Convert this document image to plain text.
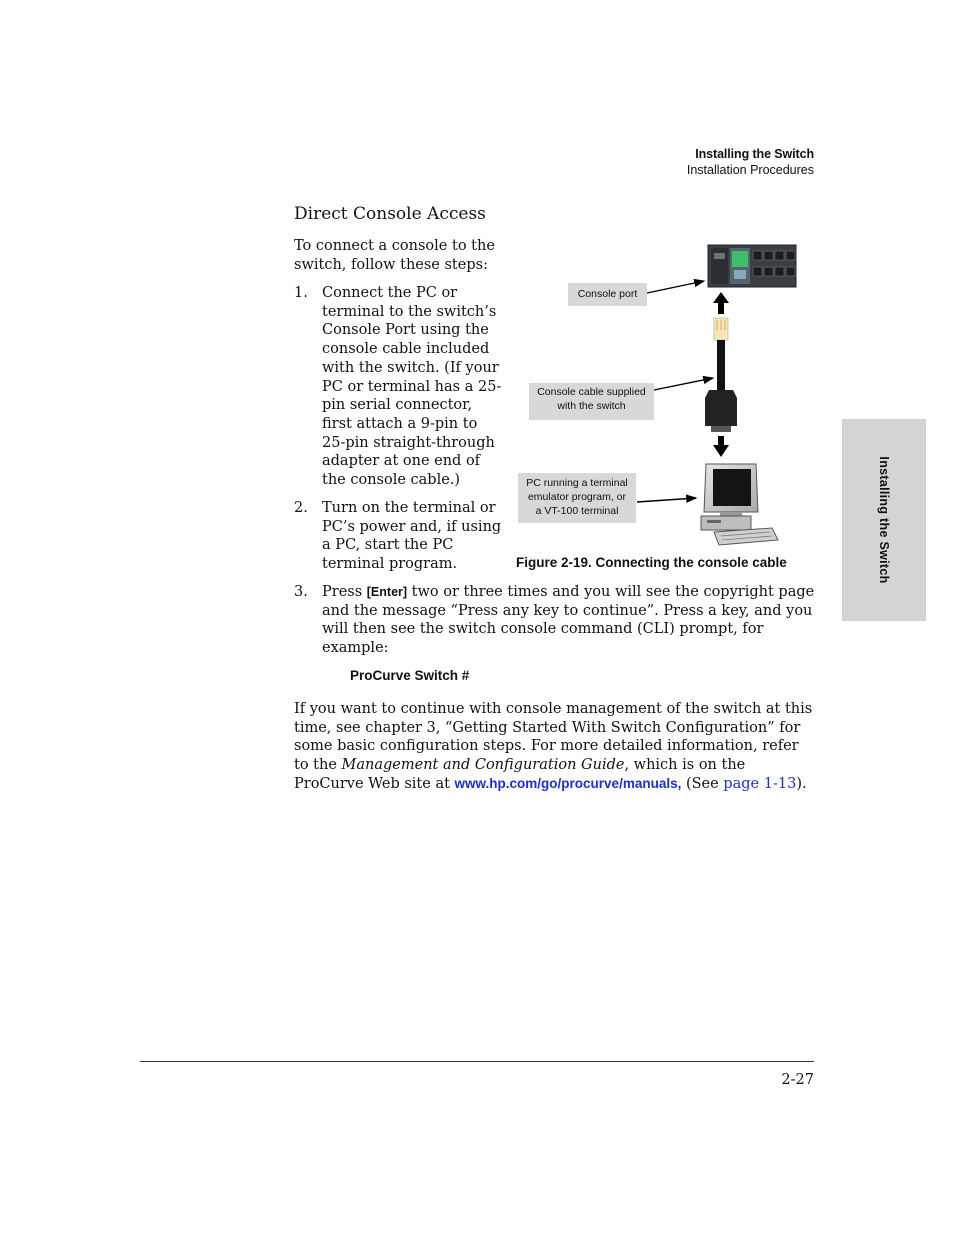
Installing the Switch
Installation Procedures
Direct Console Access
To connect a console to the switch, follow these steps:
1. Connect the PC or terminal to the switch’s Console Port using the console cable included with the switch. (If your PC or terminal has a 25-pin serial connector, first attach a 9-pin to 25-pin straight-through adapter at one end of the console cable.)
2. Turn on the terminal or PC’s power and, if using a PC, start the PC terminal program.
3. Press [Enter] two or three times and you will see the copyright page and the message “Press any key to continue”. Press a key, and you will then see the switch console command (CLI) prompt, for example:
ProCurve Switch #
If you want to continue with console management of the switch at this time, see chapter 3, “Getting Started With Switch Configuration” for some basic configuration steps. For more detailed information, refer to the Management and Configuration Guide, which is on the ProCurve Web site at www.hp.com/go/procurve/manuals, (See page 1-13).
Console port
Console cable supplied
with the switch
PC running a terminal
emulator program, or
a VT-100 terminal
Figure 2-19. Connecting the console cable	Installing the Switch
2-27
